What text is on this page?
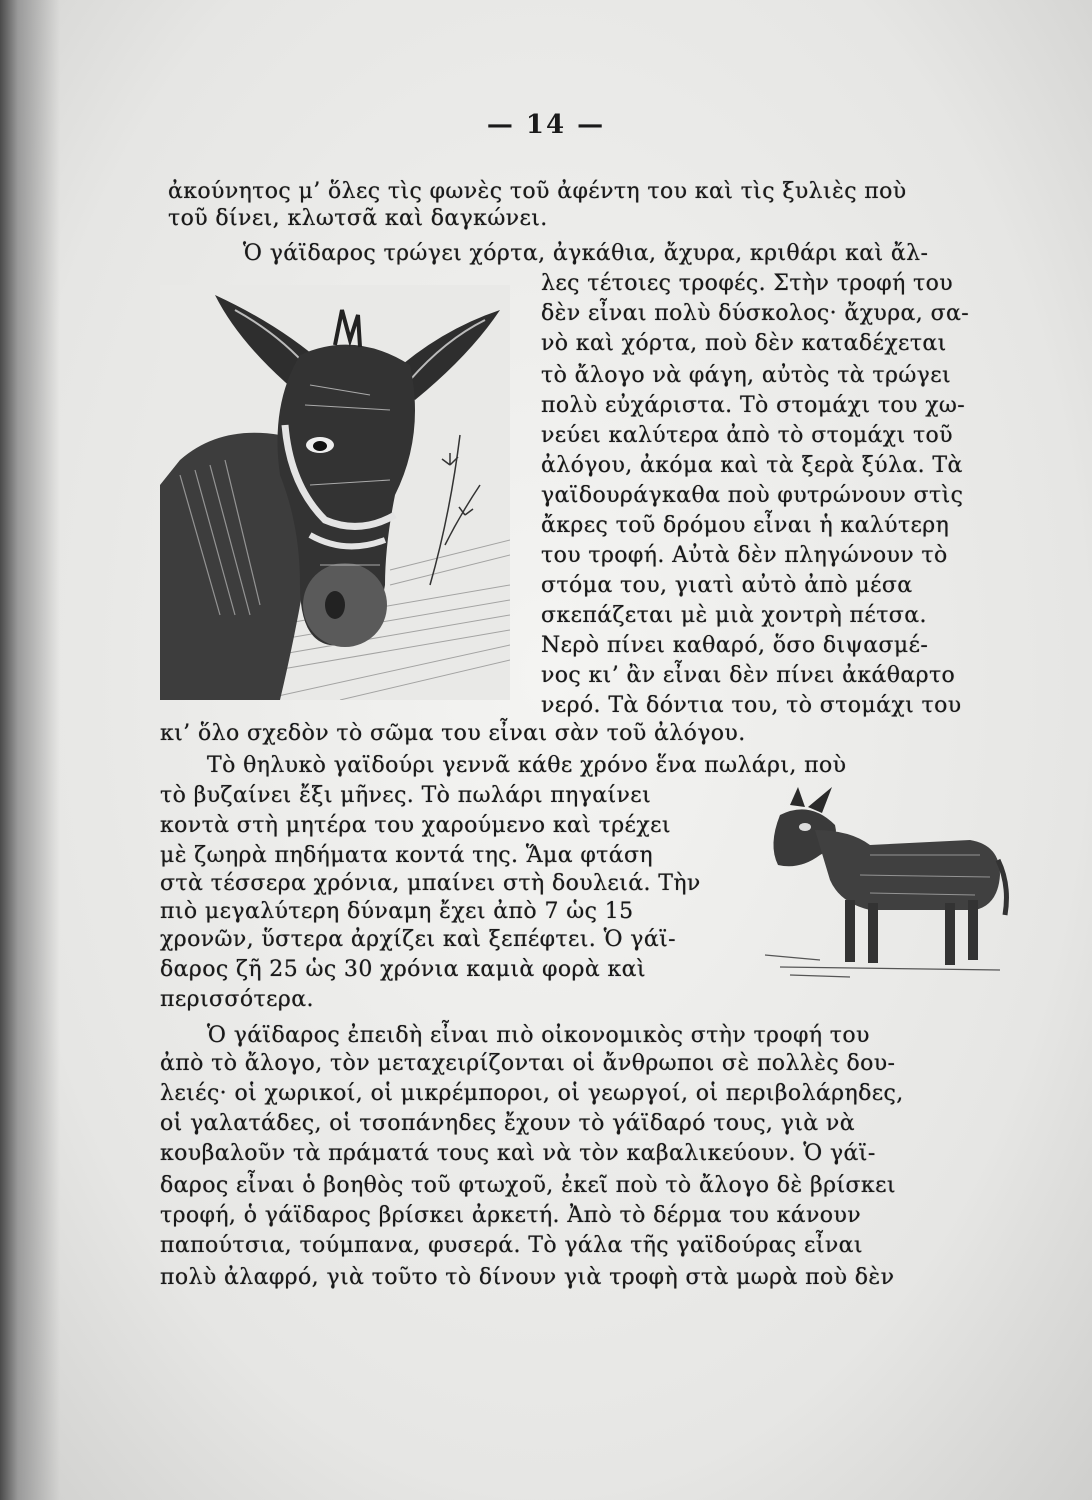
— 14 —
ἀκούνητος μ’ ὅλες τὶς φωνὲς τοῦ ἀφέντη του καὶ τὶς ξυλιὲς ποὺ
τοῦ δίνει, κλωτσᾶ καὶ δαγκώνει.
Ὁ γάϊδαρος τρώγει χόρτα, ἀγκάθια, ἄχυρα, κριθάρι καὶ ἄλ-
λες τέτοιες τροφές. Στὴν τροφή του
δὲν εἶναι πολὺ δύσκολος· ἄχυρα, σα-
νὸ καὶ χόρτα, ποὺ δὲν καταδέχεται
τὸ ἄλογο νὰ φάγη, αὐτὸς τὰ τρώγει
πολὺ εὐχάριστα. Τὸ στομάχι του χω-
νεύει καλύτερα ἀπὸ τὸ στομάχι τοῦ
ἀλόγου, ἀκόμα καὶ τὰ ξερὰ ξύλα. Τὰ
γαϊδουράγκαθα ποὺ φυτρώνουν στὶς
ἄκρες τοῦ δρόμου εἶναι ἡ καλύτερη
του τροφή. Αὐτὰ δὲν πληγώνουν τὸ
στόμα του, γιατὶ αὐτὸ ἀπὸ μέσα
σκεπάζεται μὲ μιὰ χοντρὴ πέτσα.
Νερὸ πίνει καθαρό, ὅσο διψασμέ-
νος κι’ ἂν εἶναι δὲν πίνει ἀκάθαρτο
νερό. Τὰ δόντια του, τὸ στομάχι του
κι’ ὅλο σχεδὸν τὸ σῶμα του εἶναι σὰν τοῦ ἀλόγου.
Τὸ θηλυκὸ γαϊδούρι γεννᾶ κάθε χρόνο ἕνα πωλάρι, ποὺ
τὸ βυζαίνει ἔξι μῆνες. Τὸ πωλάρι πηγαίνει
κοντὰ στὴ μητέρα του χαρούμενο καὶ τρέχει
μὲ ζωηρὰ πηδήματα κοντά της. Ἅμα φτάση
στὰ τέσσερα χρόνια, μπαίνει στὴ δουλειά. Τὴν
πιὸ μεγαλύτερη δύναμη ἔχει ἀπὸ 7 ὡς 15
χρονῶν, ὕστερα ἀρχίζει καὶ ξεπέφτει. Ὁ γάϊ-
δαρος ζῆ 25 ὡς 30 χρόνια καμιὰ φορὰ καὶ
περισσότερα.
Ὁ γάϊδαρος ἐπειδὴ εἶναι πιὸ οἰκονομικὸς στὴν τροφή του
ἀπὸ τὸ ἄλογο, τὸν μεταχειρίζονται οἱ ἄνθρωποι σὲ πολλὲς δου-
λειές· οἱ χωρικοί, οἱ μικρέμποροι, οἱ γεωργοί, οἱ περιβολάρηδες,
οἱ γαλατάδες, οἱ τσοπάνηδες ἔχουν τὸ γάϊδαρό τους, γιὰ νὰ
κουβαλοῦν τὰ πράματά τους καὶ νὰ τὸν καβαλικεύουν. Ὁ γάϊ-
δαρος εἶναι ὁ βοηθὸς τοῦ φτωχοῦ, ἐκεῖ ποὺ τὸ ἄλογο δὲ βρίσκει
τροφή, ὁ γάϊδαρος βρίσκει ἀρκετή. Ἀπὸ τὸ δέρμα του κάνουν
παπούτσια, τούμπανα, φυσερά. Τὸ γάλα τῆς γαϊδούρας εἶναι
πολὺ ἀλαφρό, γιὰ τοῦτο τὸ δίνουν γιὰ τροφὴ στὰ μωρὰ ποὺ δὲν
